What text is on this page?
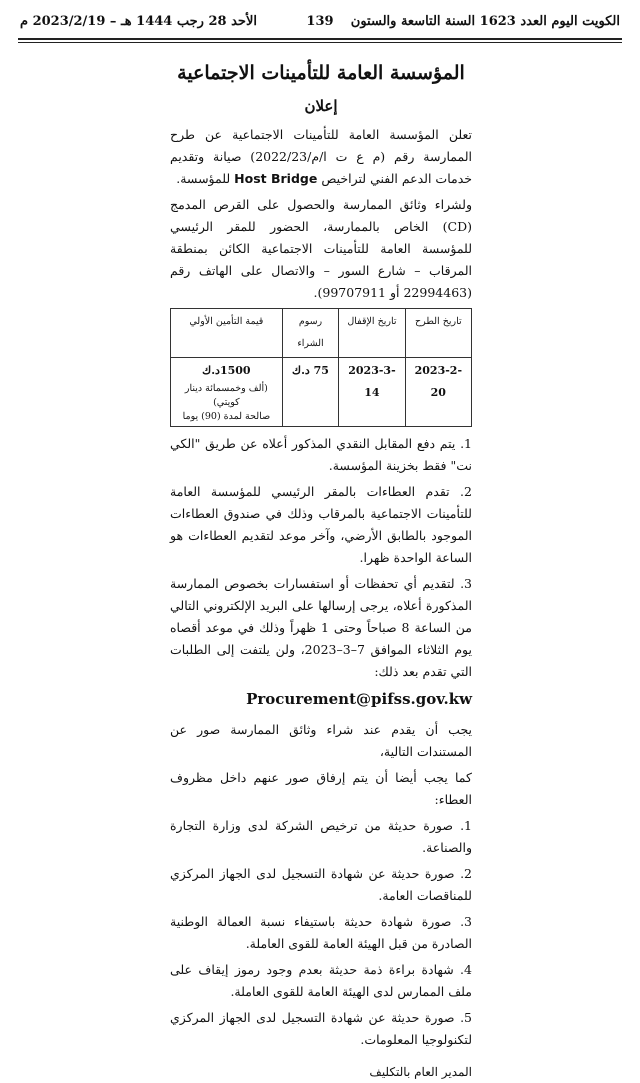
الكويت اليوم العدد 1623 السنة التاسعة والستون
139
الأحد 28 رجب 1444 هـ – 2023/2/19 م
المؤسسة العامة للتأمينات الاجتماعية
إعلان

تعلن المؤسسة العامة للتأمينات الاجتماعية عن طرح الممارسة رقم (م ع ت ا/م/2022/23) صيانة وتقديم خدمات الدعم الفني لتراخيص Host Bridge للمؤسسة.

ولشراء وثائق الممارسة والحصول على القرص المدمج (CD) الخاص بالممارسة، الحضور للمقر الرئيسي للمؤسسة العامة للتأمينات الاجتماعية الكائن بمنطقة المرقاب – شارع السور – والاتصال على الهاتف رقم (22994463 أو 99707911).

تاريخ الطرح	تاريخ الإقفال	رسوم الشراء	قيمة التأمين الأولي
2023-2-20	2023-3-14	75 د.ك	1500د.ك
(ألف وخمسمائة دينار كويتي)
صالحة لمدة (90) يوما

1. يتم دفع المقابل النقدي المذكور أعلاه عن طريق "الكي نت" فقط بخزينة المؤسسة.

2. تقدم العطاءات بالمقر الرئيسي للمؤسسة العامة للتأمينات الاجتماعية بالمرقاب وذلك في صندوق العطاءات الموجود بالطابق الأرضي، وآخر موعد لتقديم العطاءات هو الساعة الواحدة ظهرا.

3. لتقديم أي تحفظات أو استفسارات بخصوص الممارسة المذكورة أعلاه، يرجى إرسالها على البريد الإلكتروني التالي من الساعة 8 صباحاً وحتى 1 ظهراً وذلك في موعد أقصاه يوم الثلاثاء الموافق 7–3–2023، ولن يلتفت إلى الطلبات التي تقدم بعد ذلك:

Procurement@pifss.gov.kw

يجب أن يقدم عند شراء وثائق الممارسة صور عن المستندات التالية،

كما يجب أيضا أن يتم إرفاق صور عنهم داخل مظروف العطاء:

1. صورة حديثة من ترخيص الشركة لدى وزارة التجارة والصناعة.

2. صورة حديثة عن شهادة التسجيل لدى الجهاز المركزي للمناقصات العامة.

3. صورة شهادة حديثة باستيفاء نسبة العمالة الوطنية الصادرة من قبل الهيئة العامة للقوى العاملة.

4. شهادة براءة ذمة حديثة بعدم وجود رموز إيقاف على ملف الممارس لدى الهيئة العامة للقوى العاملة.

5. صورة حديثة عن شهادة التسجيل لدى الجهاز المركزي لتكنولوجيا المعلومات.

المدير العام بالتكليف
